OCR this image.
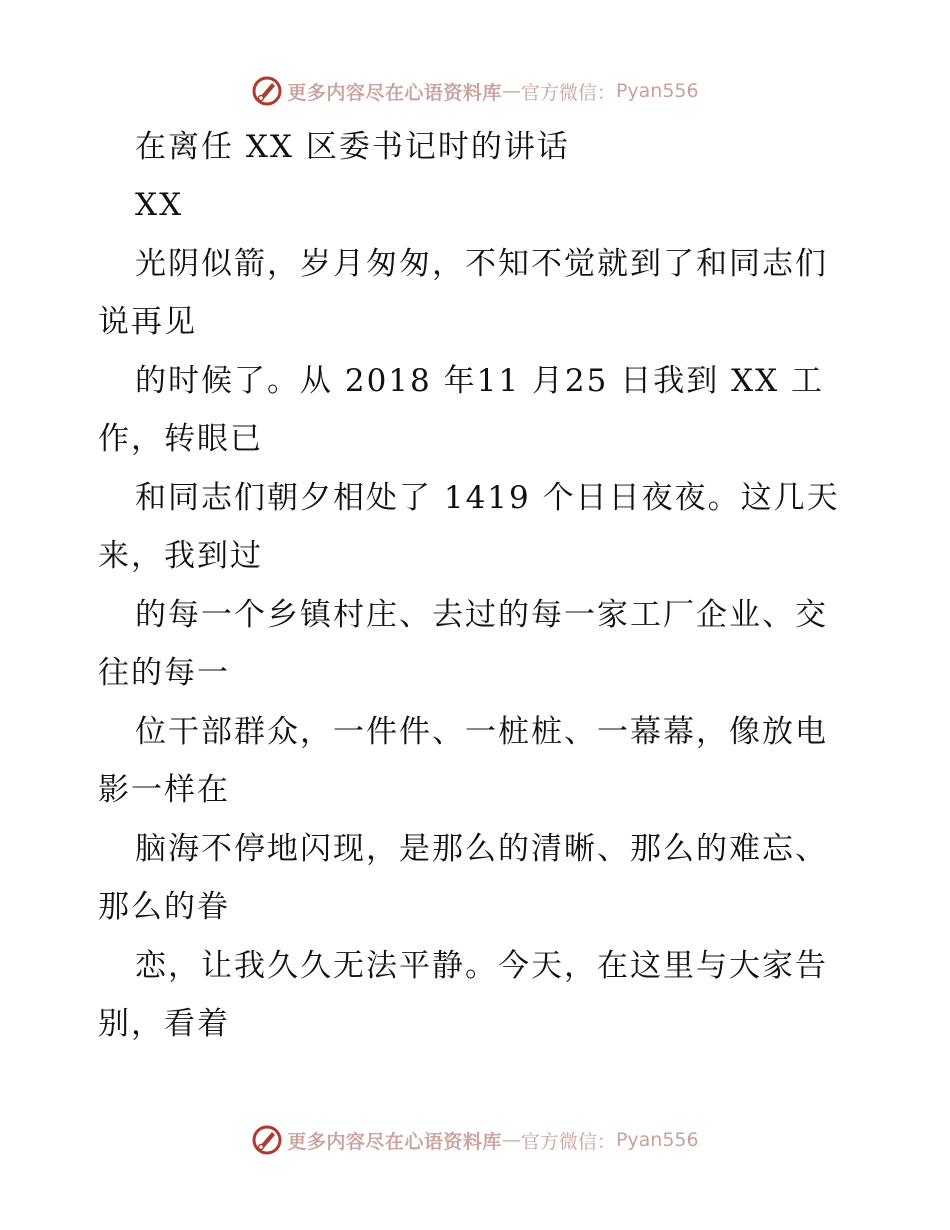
更多内容尽在心语资料库 — 官方微信： Pyan556
在离任 XX 区委书记时的讲话
XX
光阴似箭，岁月匆匆，不知不觉就到了和同志们
说再见
的时候了。从 2018 年11 月25 日我到 XX 工
作，转眼已
和同志们朝夕相处了 1419 个日日夜夜。这几天
来，我到过
的每一个乡镇村庄、去过的每一家工厂企业、交
往的每一
位干部群众，一件件、一桩桩、一幕幕，像放电
影一样在
脑海不停地闪现，是那么的清晰、那么的难忘、
那么的眷
恋，让我久久无法平静。今天，在这里与大家告
别，看着
更多内容尽在心语资料库 — 官方微信： Pyan556
